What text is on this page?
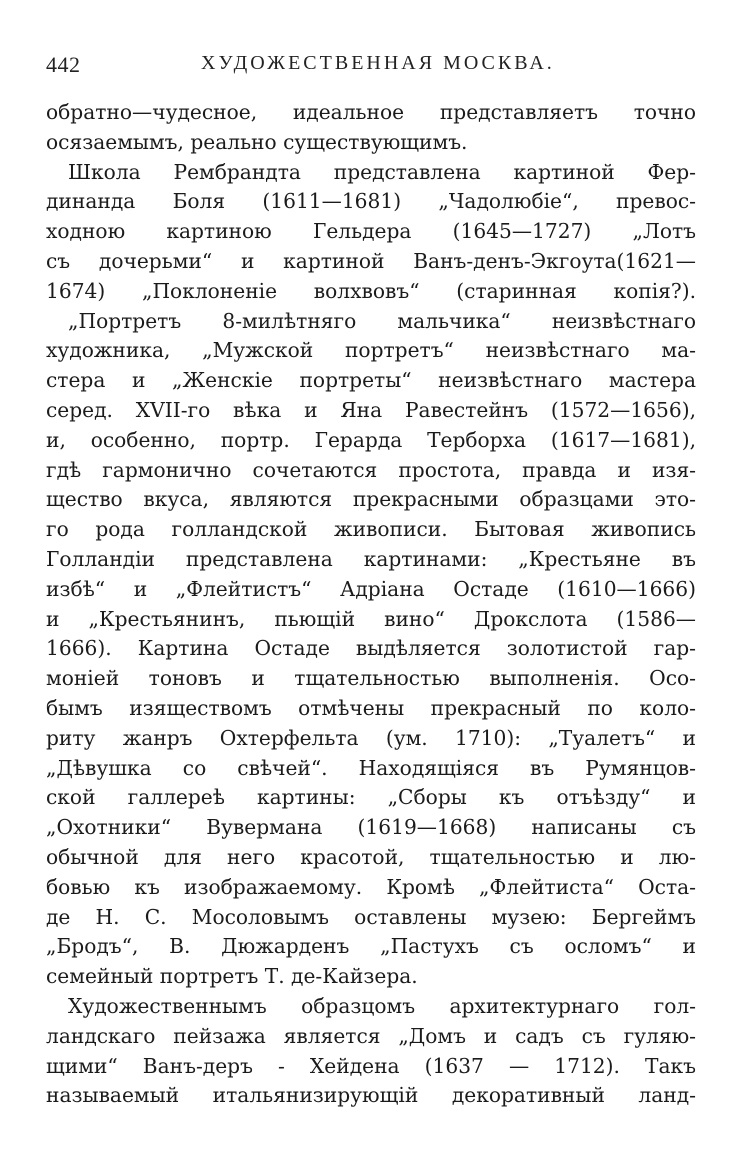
442	ХУДОЖЕСТВЕННАЯ МОСКВА.
обратно—чудесное, идеальное представляетъ точно
осязаемымъ, реально существующимъ.
Школа Рембрандта представлена картиной Фер-
динанда Боля (1611—1681) „Чадолюбіе“, превос-
ходною картиною Гельдера (1645—1727) „Лотъ
съ дочерьми“ и картиной Ванъ-денъ-Экгоута(1621—
1674) „Поклоненіе волхвовъ“ (старинная копія?).
„Портретъ 8-милѣтняго мальчика“ неизвѣстнаго
художника, „Мужской портретъ“ неизвѣстнаго ма-
стера и „Женскіе портреты“ неизвѣстнаго мастера
серед. XVII-го вѣка и Яна Равестейнъ (1572—1656),
и, особенно, портр. Герарда Терборха (1617—1681),
гдѣ гармонично сочетаются простота, правда и изя-
щество вкуса, являются прекрасными образцами это-
го рода голландской живописи. Бытовая живопись
Голландіи представлена картинами: „Крестьяне въ
избѣ“ и „Флейтистъ“ Адріана Остаде (1610—1666)
и „Крестьянинъ, пьющій вино“ Дрокслота (1586—
1666). Картина Остаде выдѣляется золотистой гар-
моніей тоновъ и тщательностью выполненія. Осо-
бымъ изяществомъ отмѣчены прекрасный по коло-
риту жанръ Охтерфельта (ум. 1710): „Туалетъ“ и
„Дѣвушка со свѣчей“. Находящіяся въ Румянцов-
ской галлереѣ картины: „Сборы къ отъѣзду“ и
„Охотники“ Вувермана (1619—1668) написаны съ
обычной для него красотой, тщательностью и лю-
бовью къ изображаемому. Кромѣ „Флейтиста“ Оста-
де Н. С. Мосоловымъ оставлены музею: Бергеймъ
„Бродъ“, В. Дюжарденъ „Пастухъ съ осломъ“ и
семейный портретъ Т. де-Кайзера.
Художественнымъ образцомъ архитектурнаго гол-
ландскаго пейзажа является „Домъ и садъ съ гуляю-
щими“ Ванъ-деръ - Хейдена (1637 — 1712). Такъ
называемый итальянизирующій декоративный ланд-
